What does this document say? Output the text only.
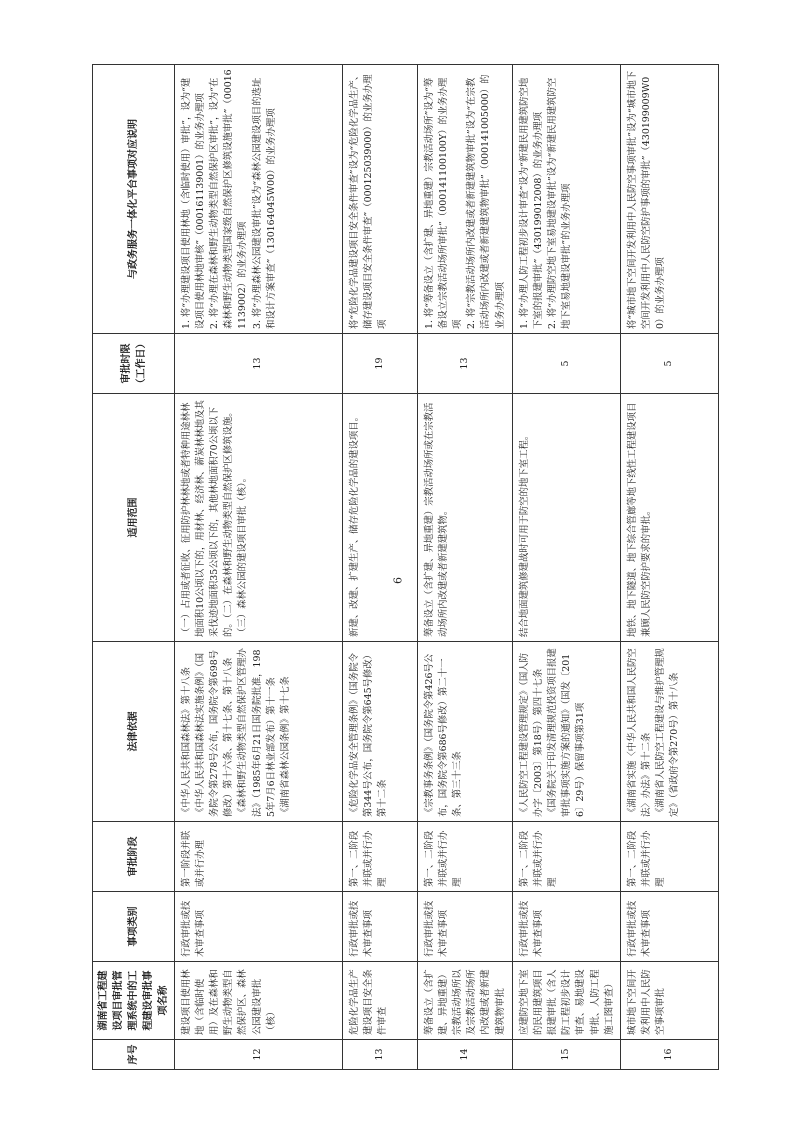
序号	湖南省工程建设项目审批管理系统中的工程建设审批事项名称	事项类别	审批阶段	法律依据	适用范围	审批时限（工作日）	与政务服务一体化平台事项对应说明
12	建设项目使用林地（含临时使用）及在森林和野生动物类型自然保护区、森林公园建设审批（核）	行政审批或技术审查事项	第一阶段并联或并行办理	《中华人民共和国森林法》第十八条
《中华人民共和国森林法实施条例》（国务院令第278号公布，国务院令第698号修改）第十六条、第十七条、第十八条
《森林和野生动物类型自然保护区管理办法》（1985年6月21日国务院批准，1985年7月6日林业部发布）第十一条
《湖南省森林公园条例》第十七条	（一）占用或者征收、征用防护林林地或者特种用途林林地面积10公顷以下的，用材林、经济林、薪炭林林地及其采伐迹地面积35公顷以下的，其他林地面积70公顷以下的。（二）在森林和野生动物类型自然保护区修筑设施。（三）森林公园的建设项目审批（核）。	13	1. 将“办理建设项目使用林地（含临时使用）审批”，设为“建设项目使用林地审核”（000161139001）的业务办理项 2. 将“办理在森林和野生动物类型自然保护区审批”，设为“在森林和野生动物类型国家级自然保护区修筑设施审批”（000161139002）的业务办理项 3. 将“办理森林公园建设审批”设为“森林公园建设项目的选址和设计方案审查”（130164045W00）的业务办理项

13	危险化学品生产建设项目安全条件审查	行政审批或技术审查事项	第一、二阶段并联或并行办理	《危险化学品安全管理条例》（国务院令第344号公布，国务院令第645号修改）第十二条	新建、改建、扩建生产、储存危险化学品的建设项目。	19	将“危险化学品建设项目安全条件审查”设为“危险化学品生产、储存建设项目安全条件审查”（000125039000）的业务办理项

14	筹备设立（含扩建、异地重建）宗教活动场所以及宗教活动场所内改建或者新建建筑物审批	行政审批或技术审查事项	第一、二阶段并联或并行办理	《宗教事务条例》（国务院令第426号公布，国务院令第686号修改）第二十一条、第三十三条	筹备设立（含扩建、异地重建）宗教活动场所或在宗教活动场所内改建或者新建建筑物。	13	1. 将“筹备设立（含扩建、异地重建）宗教活动场所”设为“筹备设立宗教活动场所审批”（000141100100Y）的业务办理项 2. 将“宗教活动场所内改建或者新建建筑物审批”设为“在宗教活动场所内改建或者新建建筑物审批”（000141005000）的业务办理项

15	应建防空地下室的民用建筑项目报建审批（含人防工程初步设计审查、易地建设审批、人防工程施工图审查）	行政审批或技术审查事项	第一、二阶段并联或并行办理	《人民防空工程建设管理规定》（国人防办字〔2003〕第18号）第四十七条
《国务院关于印发清理规范投资项目报建审批事项实施方案的通知》（国发〔2016〕29号）保留事项第31项	结合地面建筑修建战时可用于防空的地下室工程。	5	1. 将“办理人防工程初步设计审查”设为“新建民用建筑防空地下室的报建审批”（430199012008）的业务办理项 2. 将“办理防空地下室易地建设审批”设为“新建民用建筑防空地下室易地建设审批”的业务办理项

16	城市地下空间开发利用中人民防空事项审批	行政审批或技术审查事项	第一、二阶段并联或并行办理	《湖南省实施〈中华人民共和国人民防空法〉办法》第十二条
《湖南省人民防空工程建设与维护管理规定》（省政府令第270号）第十八条	地铁、地下隧道、地下综合管廊等地下线性工程建设项目兼顾人民防空防护要求的审批。	5	将“城市地下空间开发利用中人民防空事项审批”设为“城市地下空间开发利用中人民防空防护事项的审批”（430199009W00）的业务办理项
6
